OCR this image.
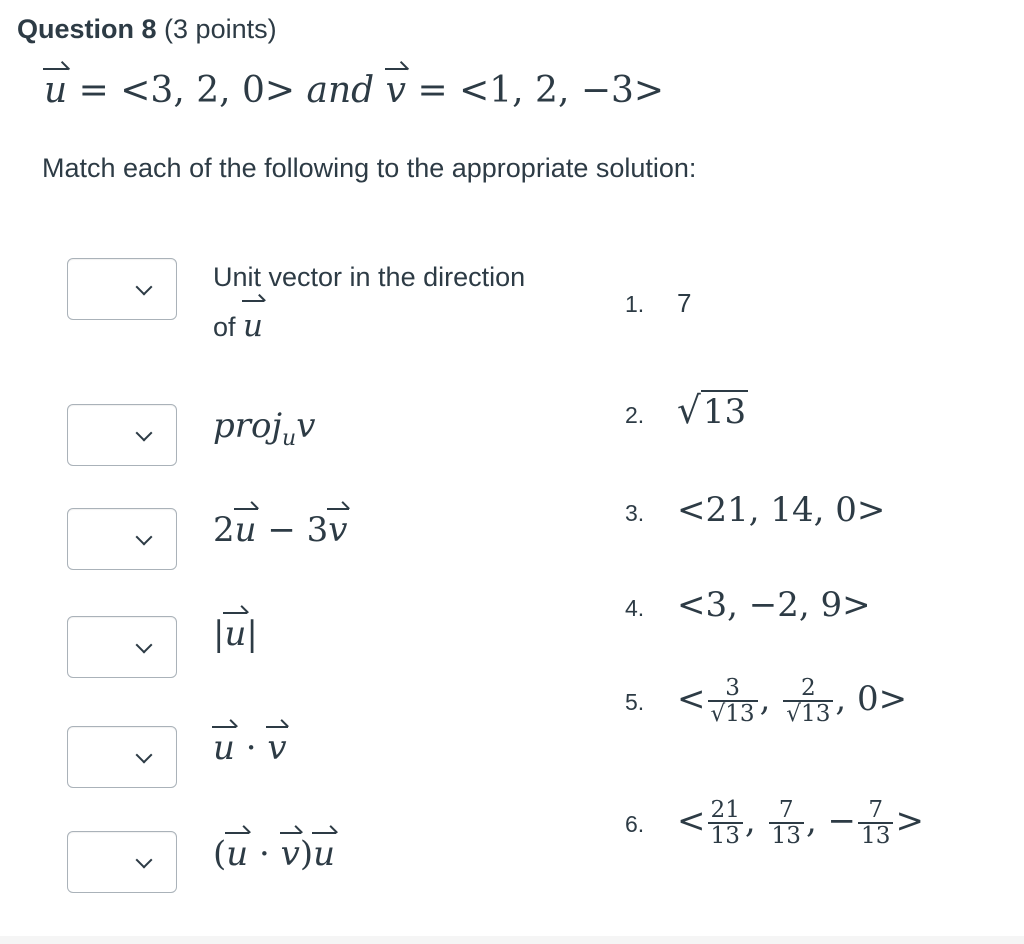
Question 8 (3 points)
u = <3, 2, 0> and v = <1, 2, −3>
Match each of the following to the appropriate solution:
Unit vector in the direction
of u
proj$_u$v
2u − 3v
|u|
u · v
(u · v)u
1. 7
2. √13
3. <21, 14, 0>
4. <3, −2, 9>
5. < $\frac{3}{√13}$ , $\frac{2}{√13}$ , 0>
6. < $\frac{21}{13}$ , $\frac{7}{13}$ , − $\frac{7}{13}$ >
